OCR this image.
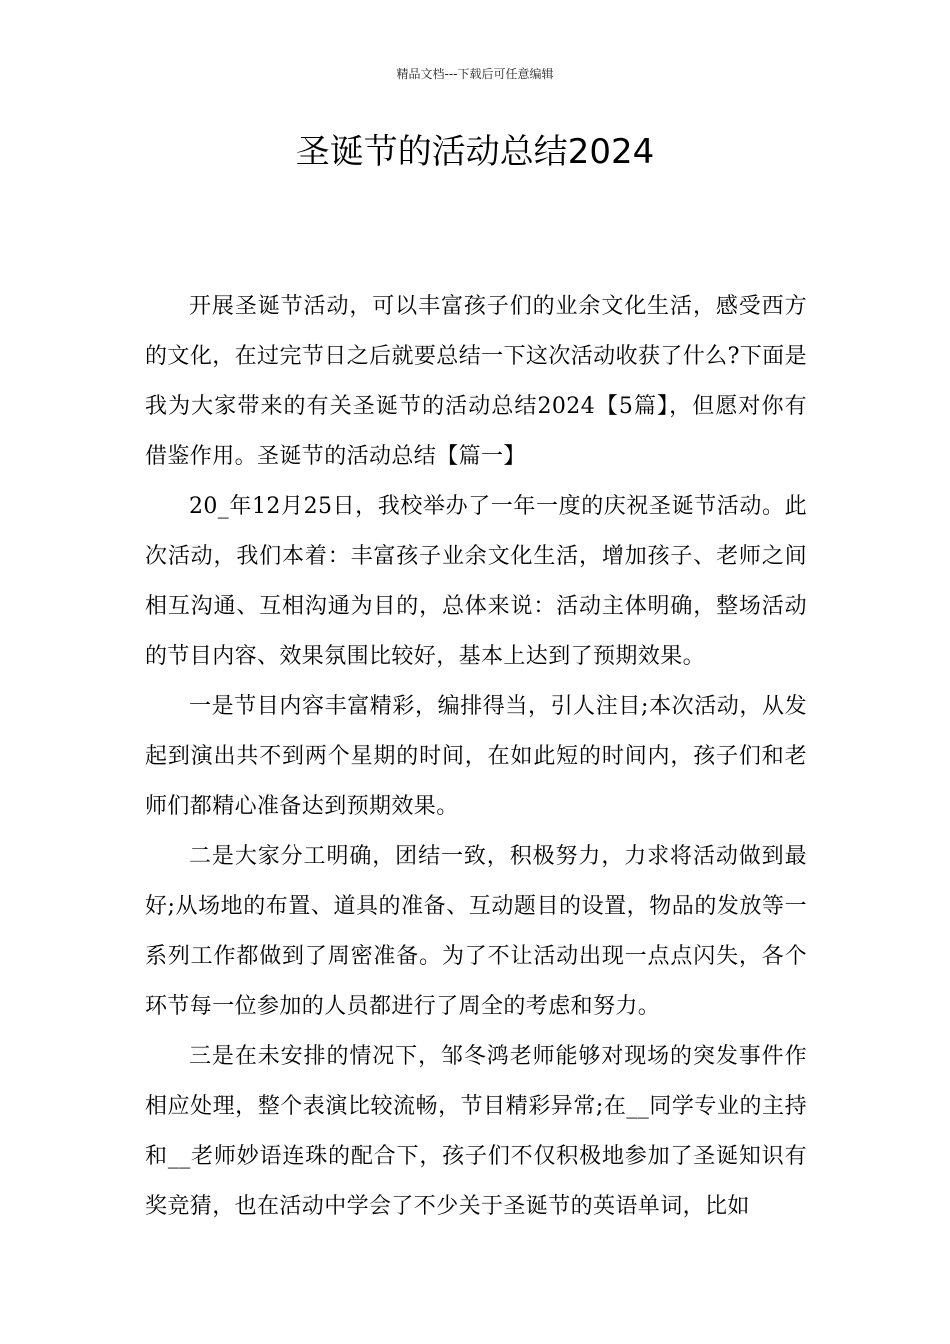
精品文档---下载后可任意编辑
圣诞节的活动总结2024

开展圣诞节活动，可以丰富孩子们的业余文化生活，感受西方的文化，在过完节日之后就要总结一下这次活动收获了什么?下面是我为大家带来的有关圣诞节的活动总结2024【5篇】，但愿对你有借鉴作用。圣诞节的活动总结【篇一】

20_年12月25日，我校举办了一年一度的庆祝圣诞节活动。此次活动，我们本着：丰富孩子业余文化生活，增加孩子、老师之间相互沟通、互相沟通为目的，总体来说：活动主体明确，整场活动的节目内容、效果氛围比较好，基本上达到了预期效果。

一是节目内容丰富精彩，编排得当，引人注目;本次活动，从发起到演出共不到两个星期的时间，在如此短的时间内，孩子们和老师们都精心准备达到预期效果。

二是大家分工明确，团结一致，积极努力，力求将活动做到最好;从场地的布置、道具的准备、互动题目的设置，物品的发放等一系列工作都做到了周密准备。为了不让活动出现一点点闪失，各个环节每一位参加的人员都进行了周全的考虑和努力。

三是在未安排的情况下，邹冬鸿老师能够对现场的突发事件作相应处理，整个表演比较流畅，节目精彩异常;在__同学专业的主持和__老师妙语连珠的配合下，孩子们不仅积极地参加了圣诞知识有奖竞猜，也在活动中学会了不少关于圣诞节的英语单词，比如
